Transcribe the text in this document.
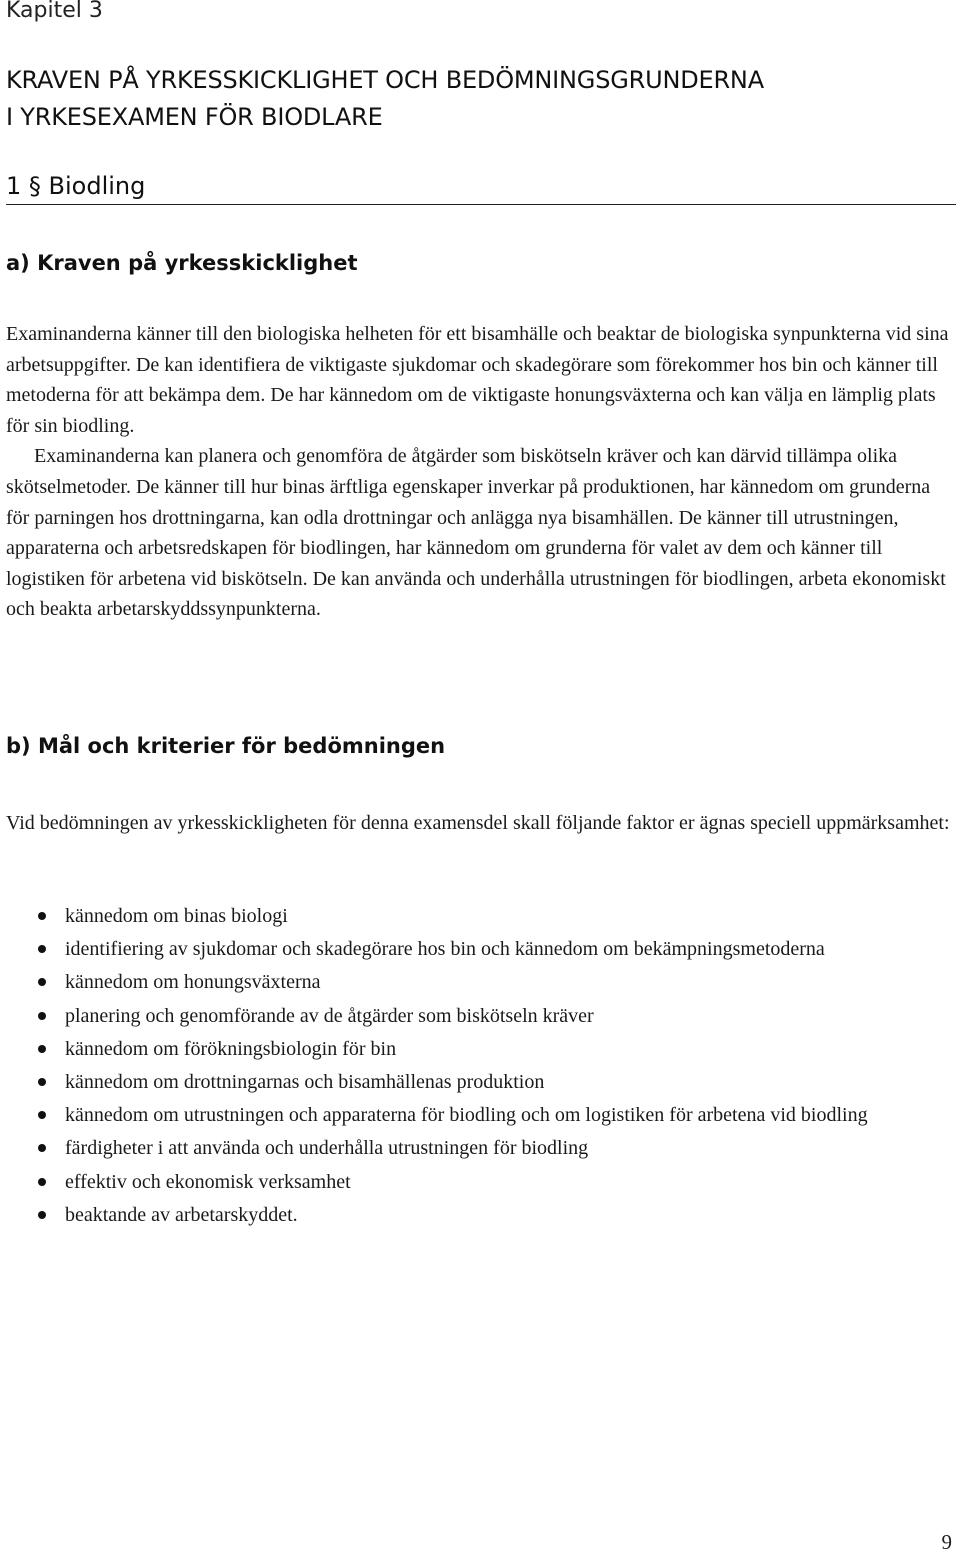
Kapitel 3
KRAVEN PÅ YRKESSKICKLIGHET OCH BEDÖMNINGSGRUNDERNA
I YRKESEXAMEN FÖR BIODLARE
1 § Biodling
a) Kraven på yrkesskicklighet
Examinanderna känner till den biologiska helheten för ett bisamhälle och beaktar de biologiska synpunkterna vid sina arbetsuppgifter. De kan identifiera de viktigaste sjukdomar och skadegörare som förekommer hos bin och känner till metoderna för att bekämpa dem. De har kännedom om de viktigaste honungsväxterna och kan välja en lämplig plats för sin biodling.
Examinanderna kan planera och genomföra de åtgärder som biskötseln kräver och kan därvid tillämpa olika skötselmetoder. De känner till hur binas ärftliga egenskaper inverkar på produktionen, har kännedom om grunderna för parningen hos drottningarna, kan odla drottningar och anlägga nya bisamhällen. De känner till utrustningen, apparaterna och arbetsredskapen för biodlingen, har kännedom om grunderna för valet av dem och känner till logistiken för arbetena vid biskötseln. De kan använda och underhålla utrustningen för biodlingen, arbeta ekonomiskt och beakta arbetarskyddssynpunkterna.
b) Mål och kriterier för bedömningen

Vid bedömningen av yrkesskickligheten för denna examensdel skall följande faktor er ägnas speciell uppmärksamhet:

kännedom om binas biologi
identifiering av sjukdomar och skadegörare hos bin och kännedom om bekämpningsmetoderna
kännedom om honungsväxterna
planering och genomförande av de åtgärder som biskötseln kräver
kännedom om förökningsbiologin för bin
kännedom om drottningarnas och bisamhällenas produktion
kännedom om utrustningen och apparaterna för biodling och om logistiken för arbetena vid biodling
färdigheter i att använda och underhålla utrustningen för biodling
effektiv och ekonomisk verksamhet
beaktande av arbetarskyddet.
9
